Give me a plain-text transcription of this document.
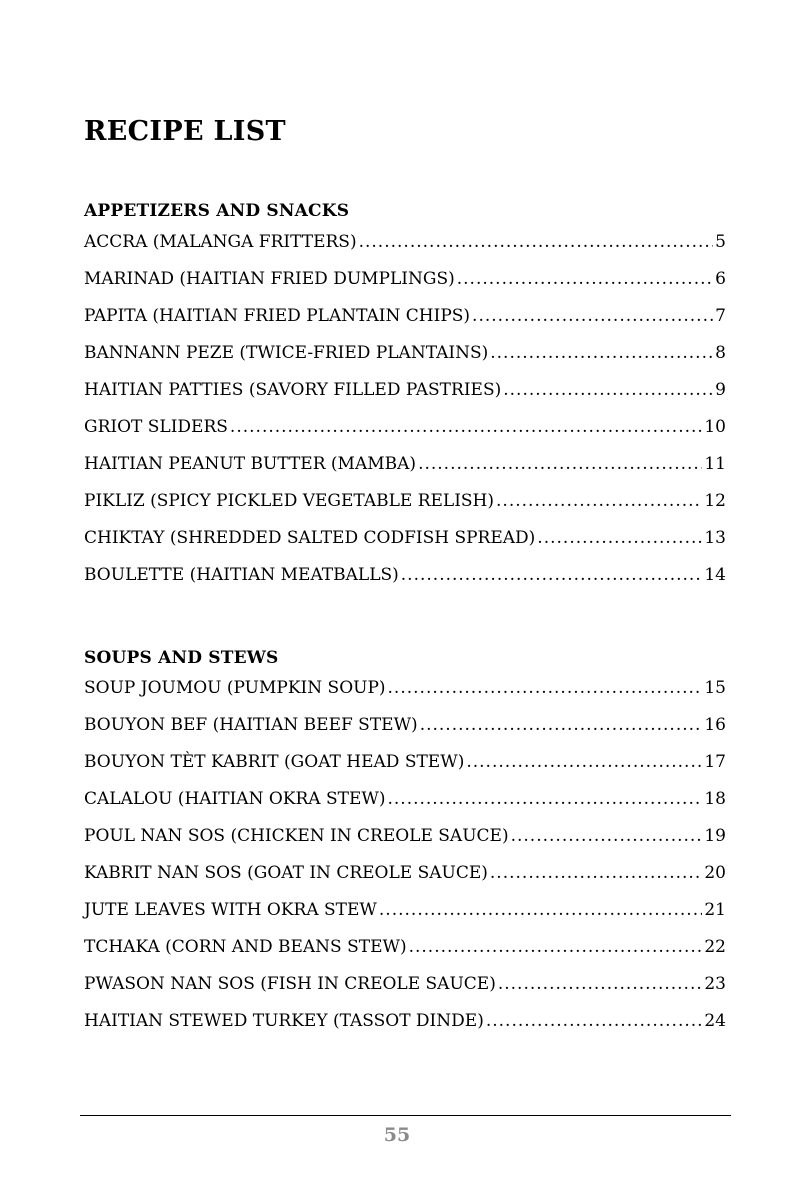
RECIPE LIST
APPETIZERS AND SNACKS
ACCRA (MALANGA FRITTERS) .....	5
MARINAD (HAITIAN FRIED DUMPLINGS) .....	6
PAPITA (HAITIAN FRIED PLANTAIN CHIPS) .....	7
BANNANN PEZE (TWICE-FRIED PLANTAINS) .....	8
HAITIAN PATTIES (SAVORY FILLED PASTRIES) .....	9
GRIOT SLIDERS .....	10
HAITIAN PEANUT BUTTER (MAMBA) .....	11
PIKLIZ (SPICY PICKLED VEGETABLE RELISH) .....	12
CHIKTAY (SHREDDED SALTED CODFISH SPREAD) .....	13
BOULETTE (HAITIAN MEATBALLS) .....	14
SOUPS AND STEWS
SOUP JOUMOU (PUMPKIN SOUP) .....	15
BOUYON BEF (HAITIAN BEEF STEW) .....	16
BOUYON TÈT KABRIT (GOAT HEAD STEW) .....	17
CALALOU (HAITIAN OKRA STEW) .....	18
POUL NAN SOS (CHICKEN IN CREOLE SAUCE) .....	19
KABRIT NAN SOS (GOAT IN CREOLE SAUCE) .....	20
JUTE LEAVES WITH OKRA STEW .....	21
TCHAKA (CORN AND BEANS STEW) .....	22
PWASON NAN SOS (FISH IN CREOLE SAUCE) .....	23
HAITIAN STEWED TURKEY (TASSOT DINDE) .....	24
55
